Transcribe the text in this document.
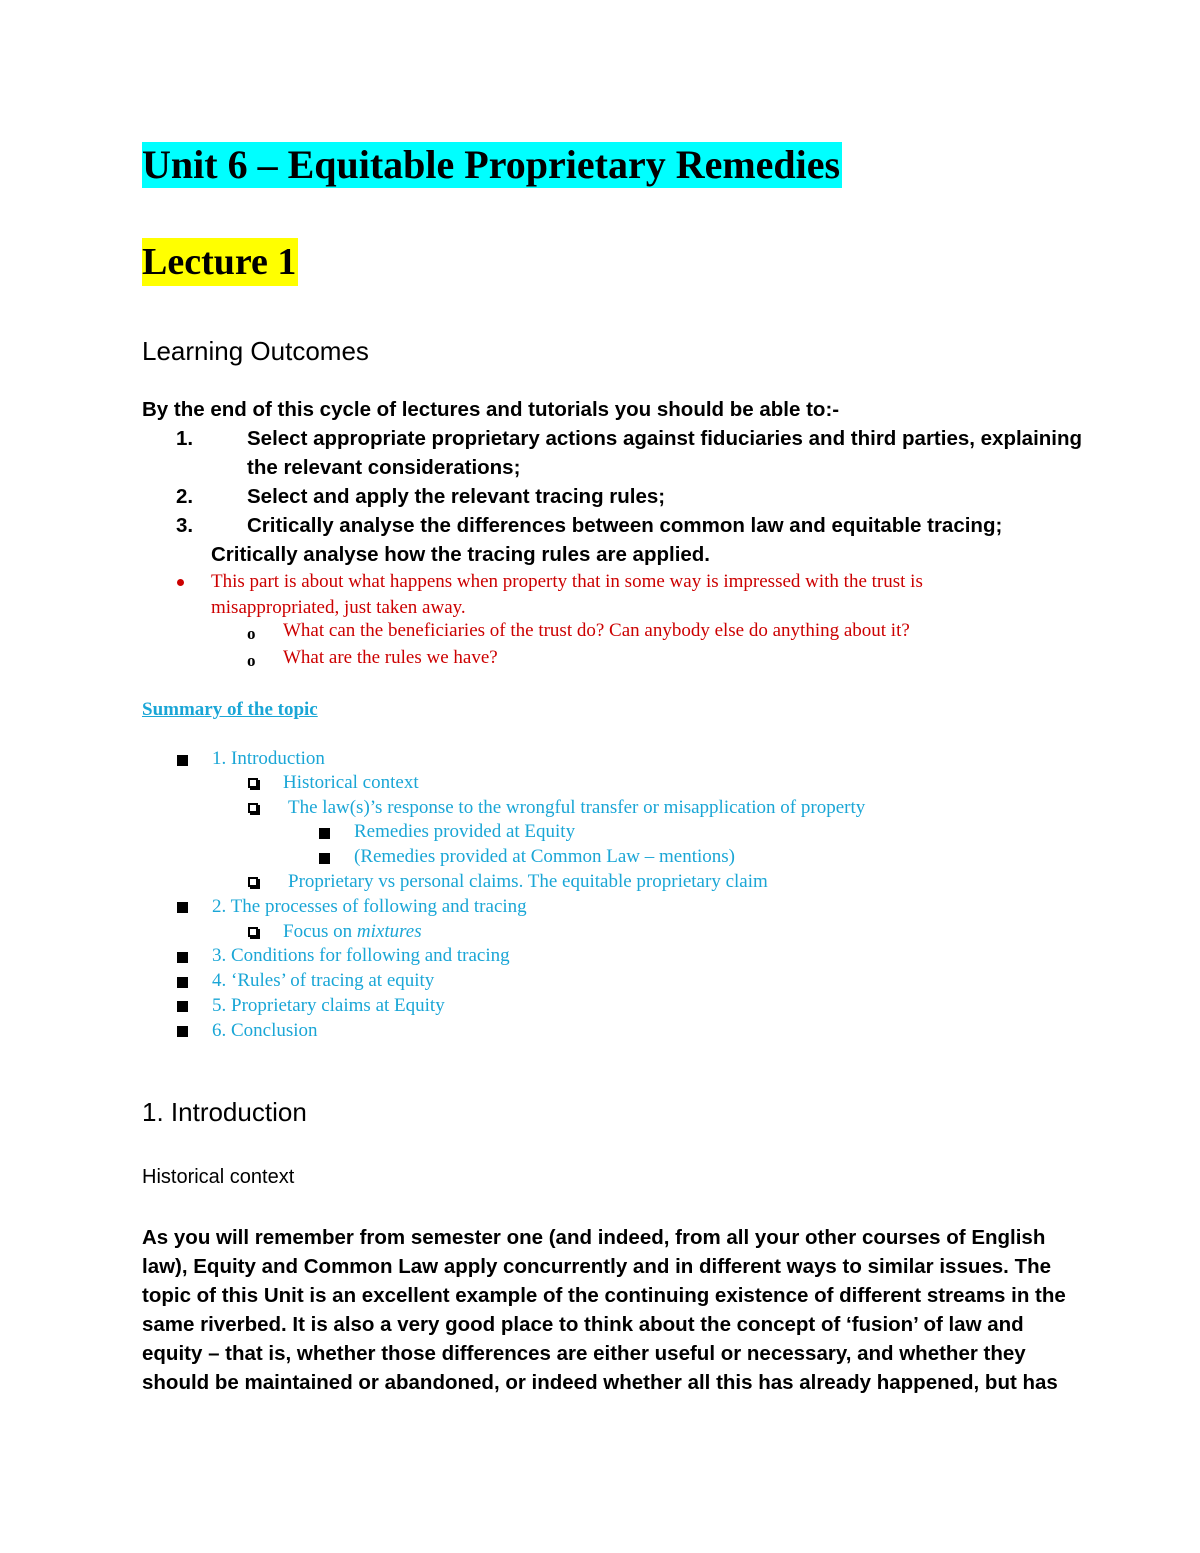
Unit 6 – Equitable Proprietary Remedies
Lecture 1
Learning Outcomes
By the end of this cycle of lectures and tutorials you should be able to:-
1.	Select appropriate proprietary actions against fiduciaries and third parties, explaining
the relevant considerations;
2.	Select and apply the relevant tracing rules;
3.	Critically analyse the differences between common law and equitable tracing;
Critically analyse how the tracing rules are applied.
This part is about what happens when property that in some way is impressed with the trust is
misappropriated, just taken away.
o What can the beneficiaries of the trust do? Can anybody else do anything about it?
o What are the rules we have?
Summary of the topic
1. Introduction
Historical context
The law(s)’s response to the wrongful transfer or misapplication of property
Remedies provided at Equity
(Remedies provided at Common Law – mentions)
Proprietary vs personal claims. The equitable proprietary claim
2. The processes of following and tracing
Focus on mixtures
3. Conditions for following and tracing
4. ‘Rules’ of tracing at equity
5. Proprietary claims at Equity
6. Conclusion
1. Introduction
Historical context
As you will remember from semester one (and indeed, from all your other courses of English
law), Equity and Common Law apply concurrently and in different ways to similar issues. The
topic of this Unit is an excellent example of the continuing existence of different streams in the
same riverbed. It is also a very good place to think about the concept of ‘fusion’ of law and
equity – that is, whether those differences are either useful or necessary, and whether they
should be maintained or abandoned, or indeed whether all this has already happened, but has
